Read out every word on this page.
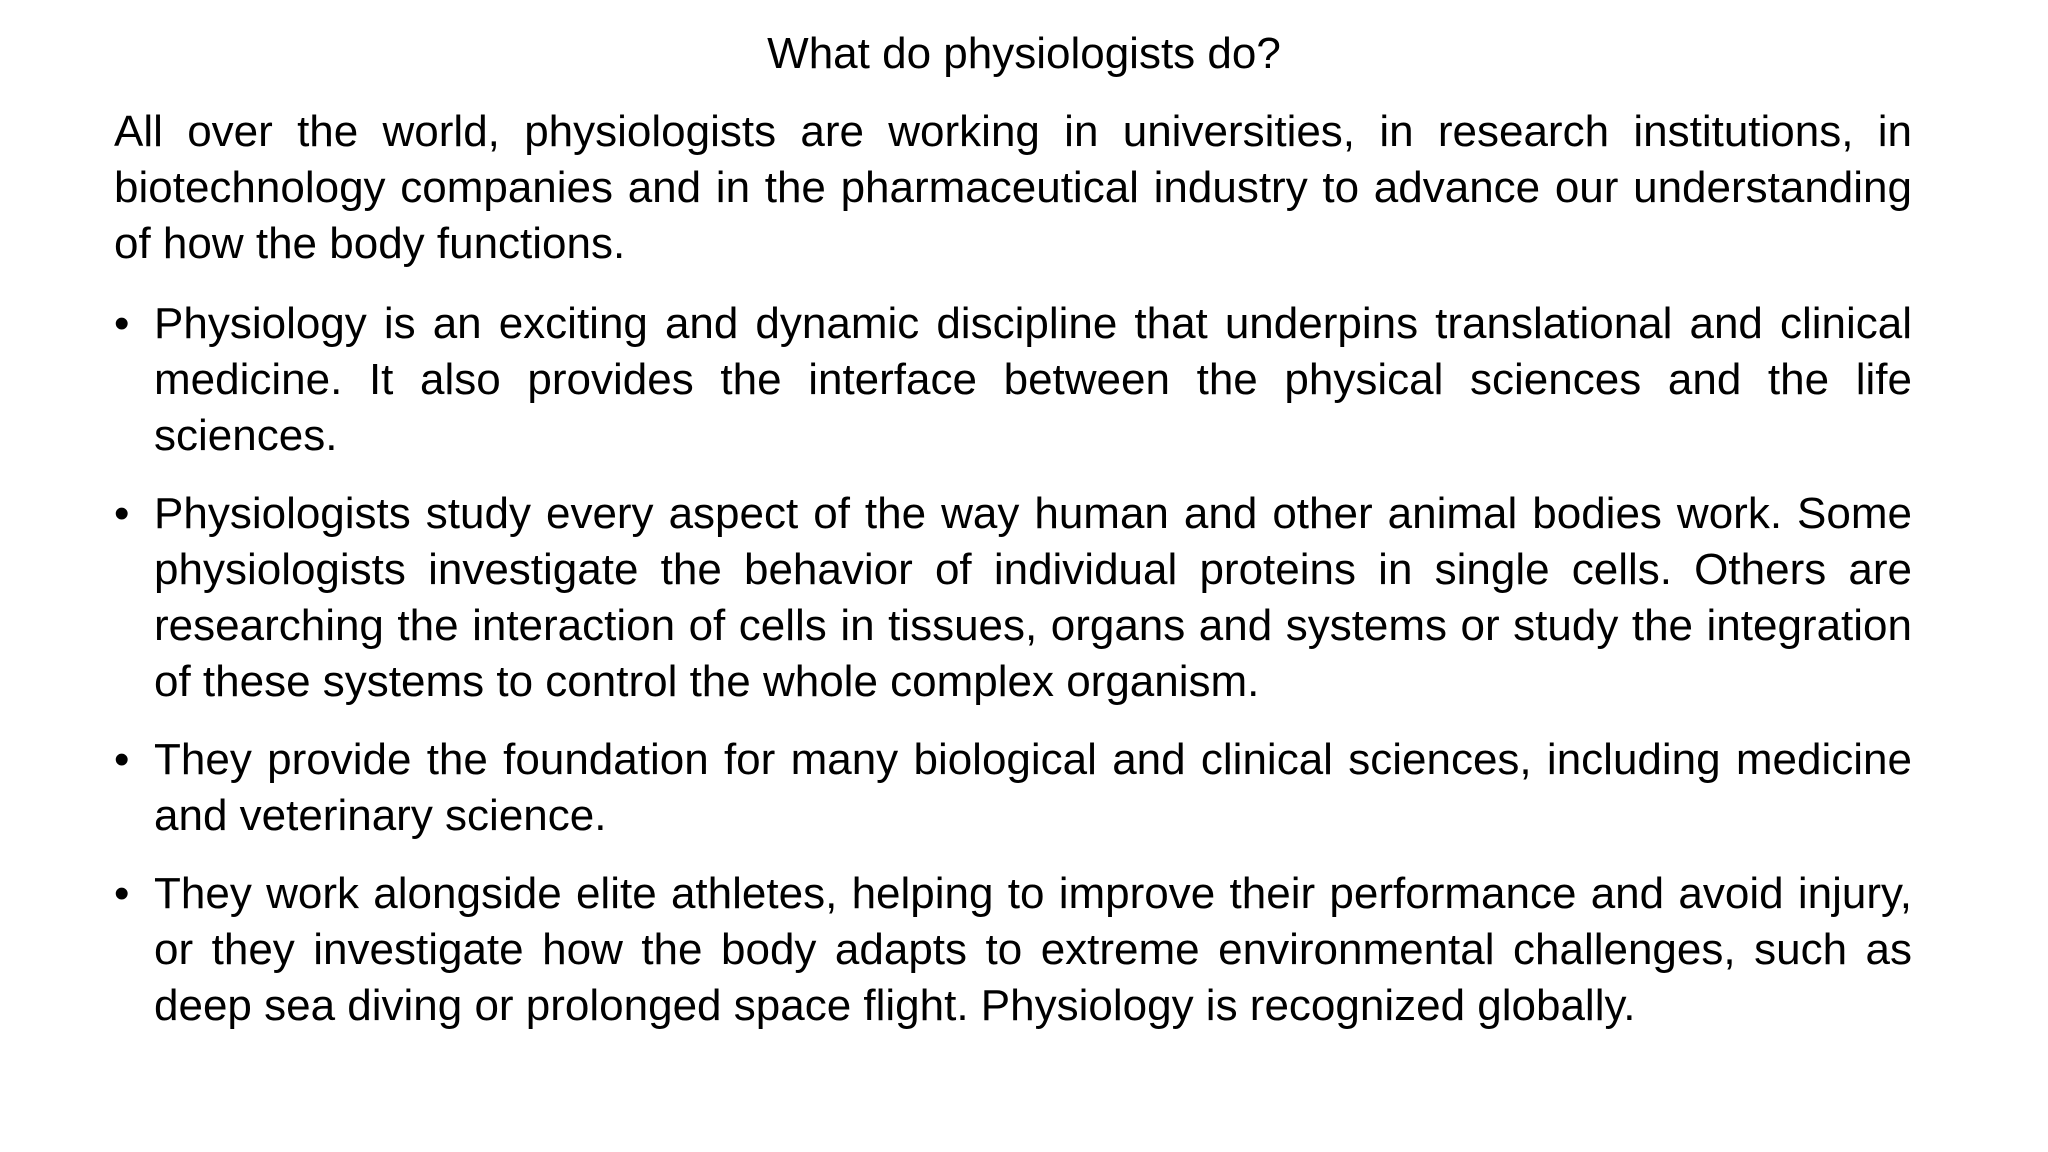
What do physiologists do?

All over the world, physiologists are working in universities, in research institutions, in biotechnology companies and in the pharmaceutical industry to advance our understanding of how the body functions.

• Physiology is an exciting and dynamic discipline that underpins translational and clinical medicine. It also provides the interface between the physical sciences and the life sciences.
• Physiologists study every aspect of the way human and other animal bodies work. Some physiologists investigate the behavior of individual proteins in single cells. Others are researching the interaction of cells in tissues, organs and systems or study the integration of these systems to control the whole complex organism.
• They provide the foundation for many biological and clinical sciences, including medicine and veterinary science.
• They work alongside elite athletes, helping to improve their performance and avoid injury, or they investigate how the body adapts to extreme environmental challenges, such as deep sea diving or prolonged space flight. Physiology is recognized globally.
